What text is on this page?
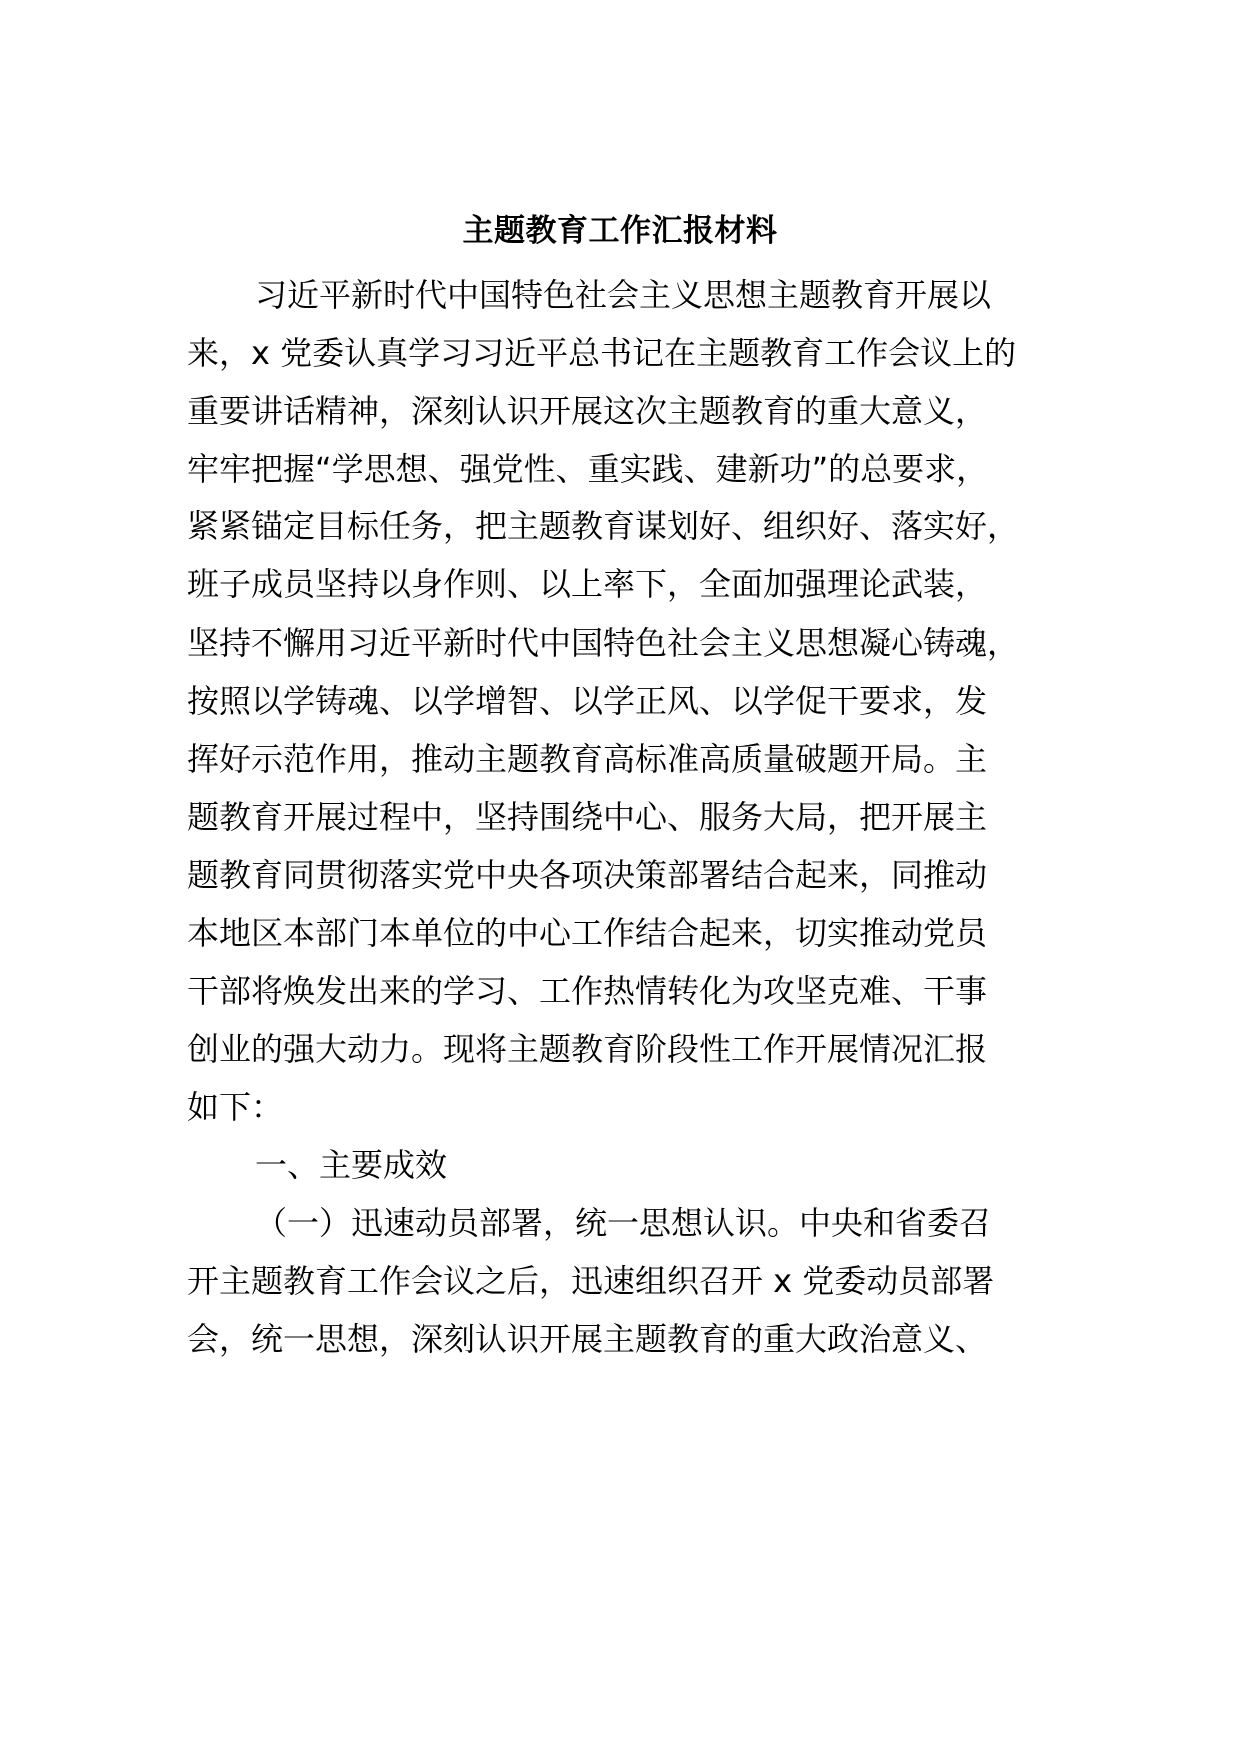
主题教育工作汇报材料
习近平新时代中国特色社会主义思想主题教育开展以
来，x 党委认真学习习近平总书记在主题教育工作会议上的
重要讲话精神，深刻认识开展这次主题教育的重大意义，
牢牢把握“学思想、强党性、重实践、建新功”的总要求，
紧紧锚定目标任务，把主题教育谋划好、组织好、落实好，
班子成员坚持以身作则、以上率下，全面加强理论武装，
坚持不懈用习近平新时代中国特色社会主义思想凝心铸魂，
按照以学铸魂、以学增智、以学正风、以学促干要求，发
挥好示范作用，推动主题教育高标准高质量破题开局。主
题教育开展过程中，坚持围绕中心、服务大局，把开展主
题教育同贯彻落实党中央各项决策部署结合起来，同推动
本地区本部门本单位的中心工作结合起来，切实推动党员
干部将焕发出来的学习、工作热情转化为攻坚克难、干事
创业的强大动力。现将主题教育阶段性工作开展情况汇报
如下：
一、主要成效
（一）迅速动员部署，统一思想认识。中央和省委召
开主题教育工作会议之后，迅速组织召开 x 党委动员部署
会，统一思想，深刻认识开展主题教育的重大政治意义、
